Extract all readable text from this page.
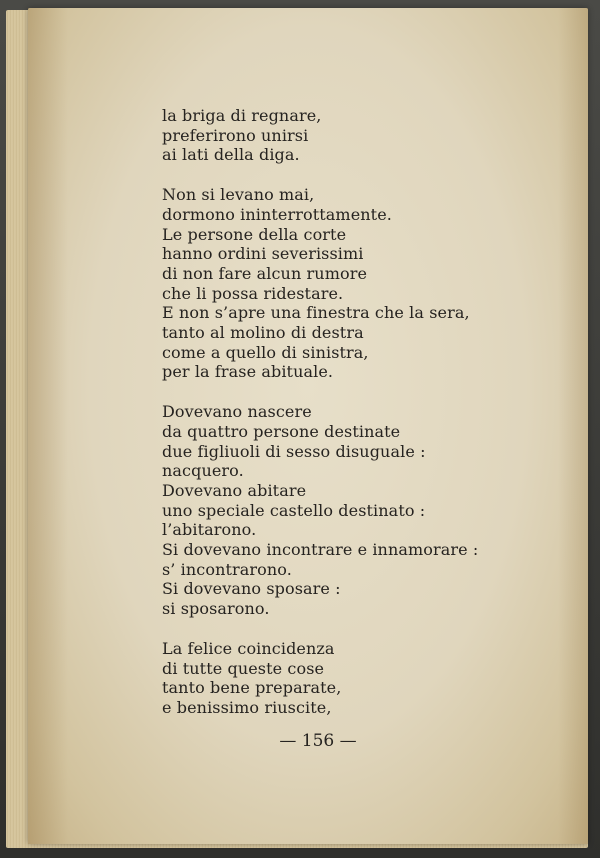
la briga di regnare,
preferirono unirsi
ai lati della diga.
Non si levano mai,
dormono ininterrottamente.
Le persone della corte
hanno ordini severissimi
di non fare alcun rumore
che li possa ridestare.
E non s’apre una finestra che la sera,
tanto al molino di destra
come a quello di sinistra,
per la frase abituale.
Dovevano nascere
da quattro persone destinate
due figliuoli di sesso disuguale :
nacquero.
Dovevano abitare
uno speciale castello destinato :
l’abitarono.
Si dovevano incontrare e innamorare :
s’ incontrarono.
Si dovevano sposare :
si sposarono.
La felice coincidenza
di tutte queste cose
tanto bene preparate,
e benissimo riuscite,
— 156 —
